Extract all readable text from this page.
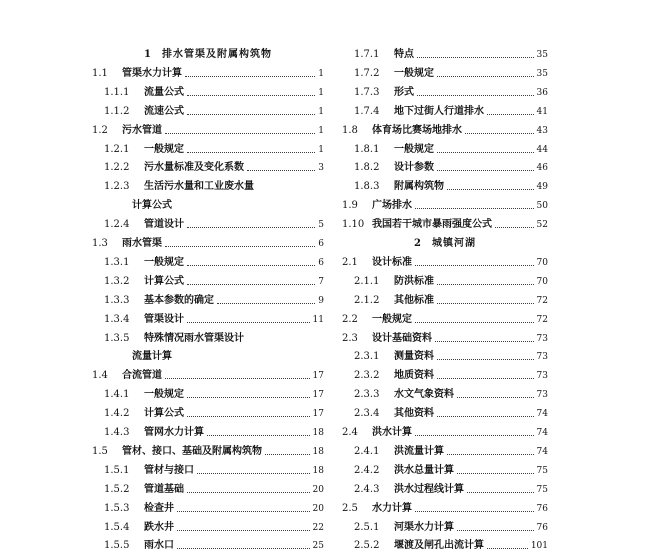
1 排水管渠及附属构筑物
1.1	管渠水力计算	1
1.1.1	流量公式	1
1.1.2	流速公式	1
1.2	污水管道	1
1.2.1	一般规定	1
1.2.2	污水量标准及变化系数	3
1.2.3	生活污水量和工业废水量
计算公式
1.2.4	管道设计	5
1.3	雨水管渠	6
1.3.1	一般规定	6
1.3.2	计算公式	7
1.3.3	基本参数的确定	9
1.3.4	管渠设计	11
1.3.5	特殊情况雨水管渠设计
流量计算
1.4	合流管道	17
1.4.1	一般规定	17
1.4.2	计算公式	17
1.4.3	管网水力计算	18
1.5	管材、接口、基础及附属构筑物	18
1.5.1	管材与接口	18
1.5.2	管道基础	20
1.5.3	检查井	20
1.5.4	跌水井	22
1.5.5	雨水口	25
1.7.1	特点	35
1.7.2	一般规定	35
1.7.3	形式	36
1.7.4	地下过街人行道排水	41
1.8	体育场比赛场地排水	43
1.8.1	一般规定	44
1.8.2	设计参数	46
1.8.3	附属构筑物	49
1.9	广场排水	50
1.10 我国若干城市暴雨强度公式	52
2 城镇河湖
2.1	设计标准	70
2.1.1	防洪标准	70
2.1.2	其他标准	72
2.2	一般规定	72
2.3	设计基础资料	73
2.3.1	测量资料	73
2.3.2	地质资料	73
2.3.3	水文气象资料	73
2.3.4	其他资料	74
2.4	洪水计算	74
2.4.1	洪流量计算	74
2.4.2	洪水总量计算	75
2.4.3	洪水过程线计算	75
2.5	水力计算	76
2.5.1	河渠水力计算	76
2.5.2	堰渡及闸孔出流计算	101
